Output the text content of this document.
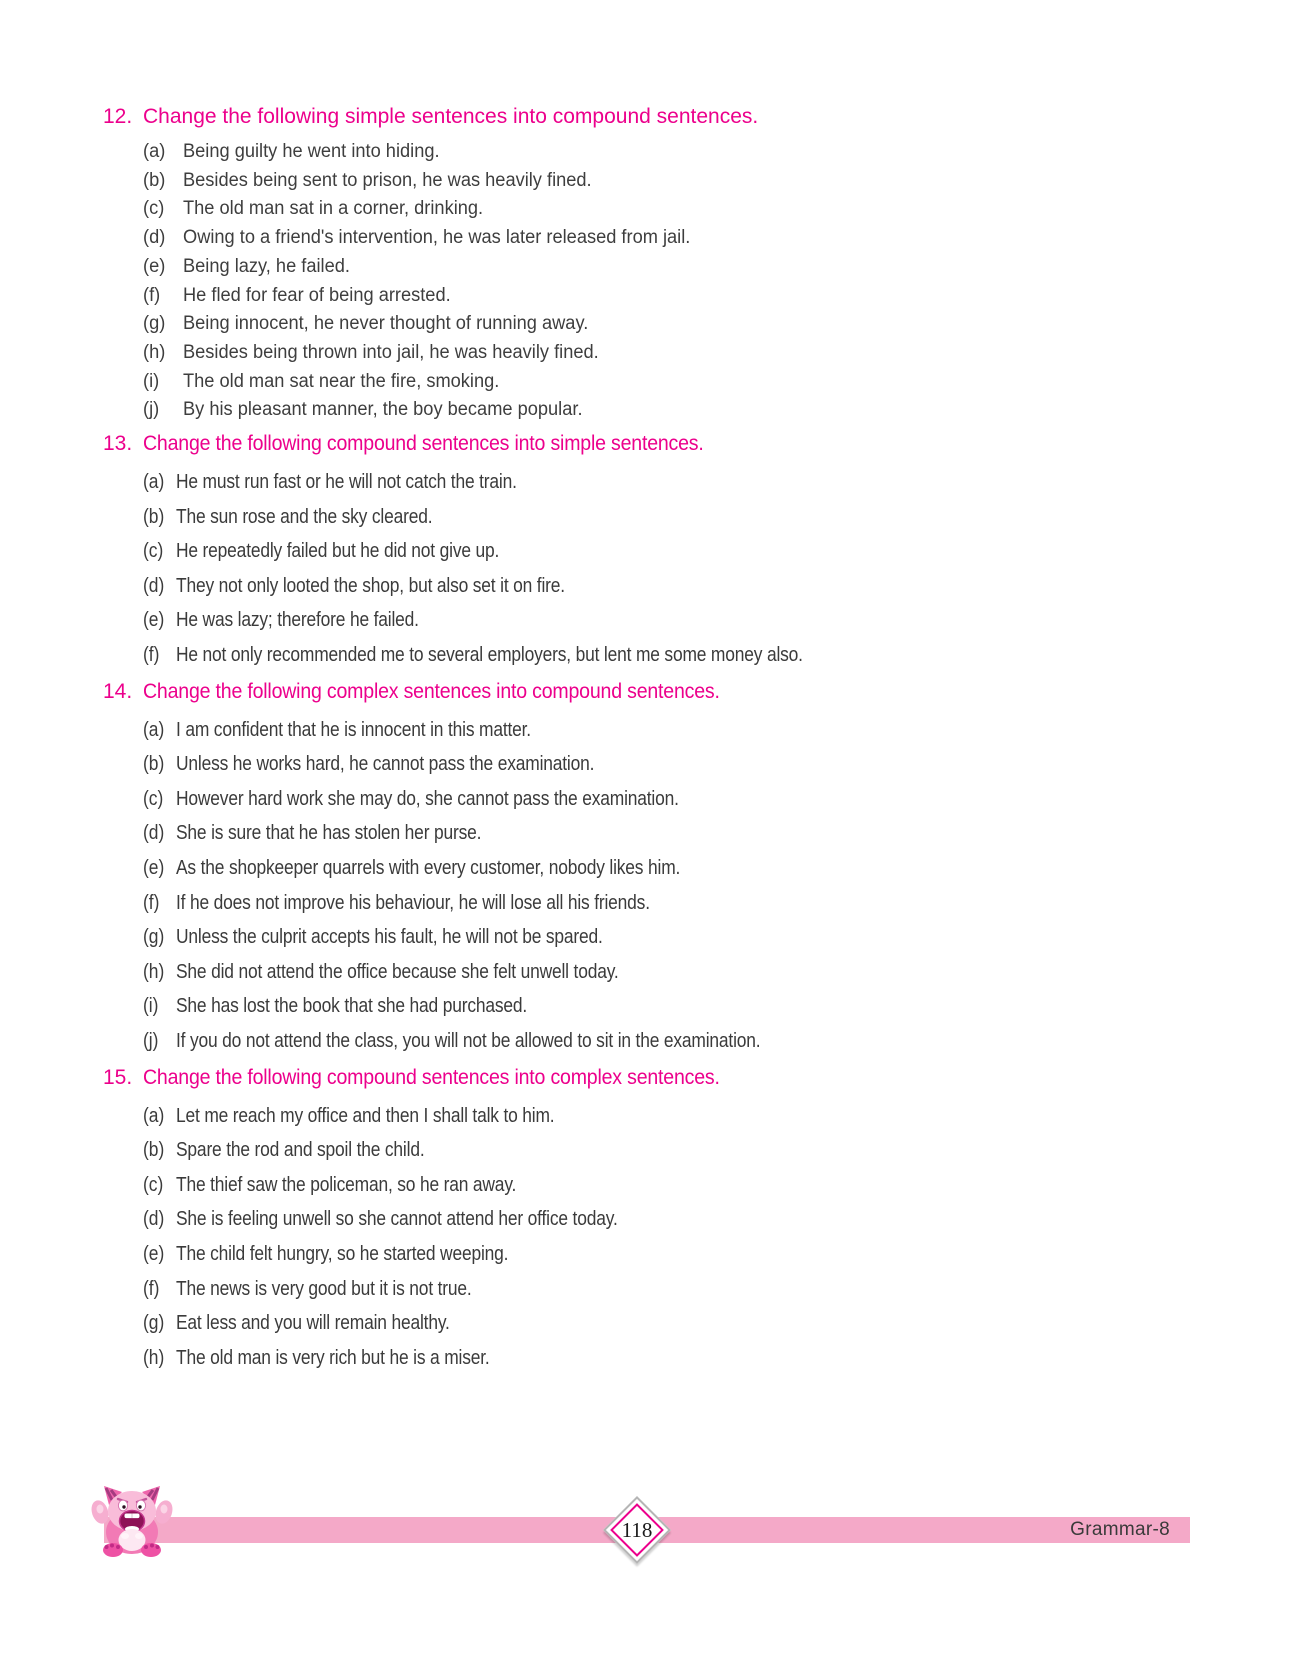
12. Change the following simple sentences into compound sentences.
(a) Being guilty he went into hiding.
(b) Besides being sent to prison, he was heavily fined.
(c) The old man sat in a corner, drinking.
(d) Owing to a friend's intervention, he was later released from jail.
(e) Being lazy, he failed.
(f) He fled for fear of being arrested.
(g) Being innocent, he never thought of running away.
(h) Besides being thrown into jail, he was heavily fined.
(i) The old man sat near the fire, smoking.
(j) By his pleasant manner, the boy became popular.
13. Change the following compound sentences into simple sentences.
(a) He must run fast or he will not catch the train.
(b) The sun rose and the sky cleared.
(c) He repeatedly failed but he did not give up.
(d) They not only looted the shop, but also set it on fire.
(e) He was lazy; therefore he failed.
(f) He not only recommended me to several employers, but lent me some money also.
14. Change the following complex sentences into compound sentences.
(a) I am confident that he is innocent in this matter.
(b) Unless he works hard, he cannot pass the examination.
(c) However hard work she may do, she cannot pass the examination.
(d) She is sure that he has stolen her purse.
(e) As the shopkeeper quarrels with every customer, nobody likes him.
(f) If he does not improve his behaviour, he will lose all his friends.
(g) Unless the culprit accepts his fault, he will not be spared.
(h) She did not attend the office because she felt unwell today.
(i) She has lost the book that she had purchased.
(j) If you do not attend the class, you will not be allowed to sit in the examination.
15. Change the following compound sentences into complex sentences.
(a) Let me reach my office and then I shall talk to him.
(b) Spare the rod and spoil the child.
(c) The thief saw the policeman, so he ran away.
(d) She is feeling unwell so she cannot attend her office today.
(e) The child felt hungry, so he started weeping.
(f) The news is very good but it is not true.
(g) Eat less and you will remain healthy.
(h) The old man is very rich but he is a miser.
Grammar-8
118
